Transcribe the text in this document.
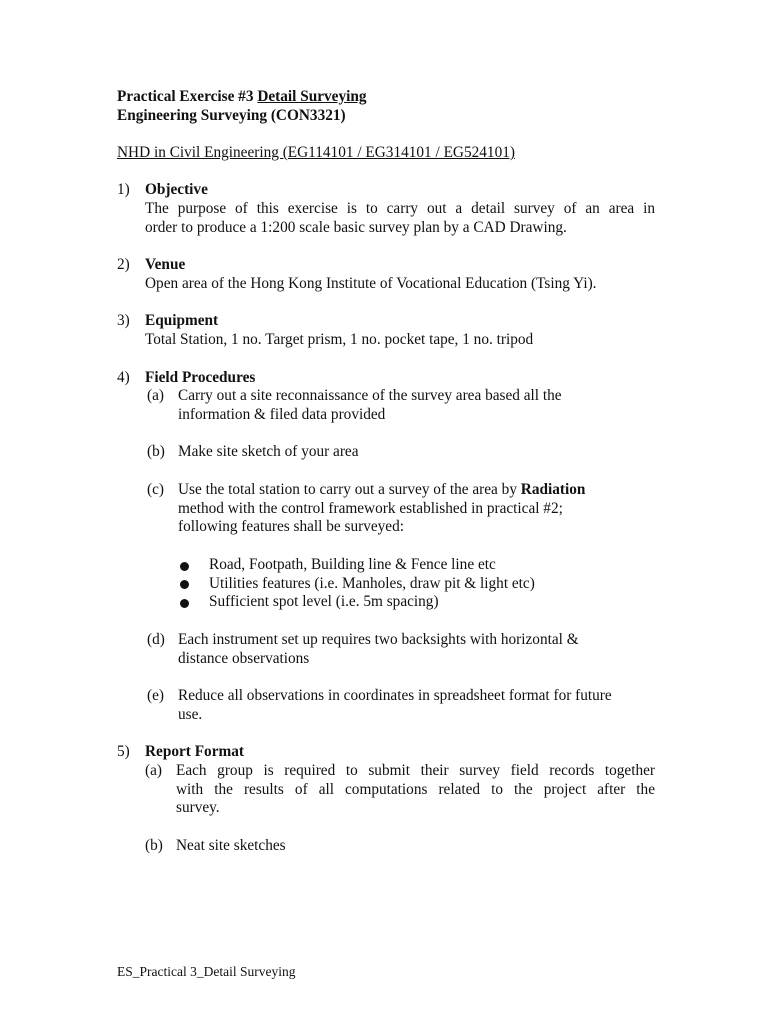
Practical Exercise #3 Detail Surveying
Engineering Surveying (CON3321)
NHD in Civil Engineering (EG114101 / EG314101 / EG524101)
1) Objective
The purpose of this exercise is to carry out a detail survey of an area in
order to produce a 1:200 scale basic survey plan by a CAD Drawing.
2) Venue
Open area of the Hong Kong Institute of Vocational Education (Tsing Yi).
3) Equipment
Total Station, 1 no. Target prism, 1 no. pocket tape, 1 no. tripod
4) Field Procedures
(a) Carry out a site reconnaissance of the survey area based all the
information & filed data provided
(b) Make site sketch of your area
(c) Use the total station to carry out a survey of the area by Radiation
method with the control framework established in practical #2;
following features shall be surveyed:
Road, Footpath, Building line & Fence line etc
Utilities features (i.e. Manholes, draw pit & light etc)
Sufficient spot level (i.e. 5m spacing)
(d) Each instrument set up requires two backsights with horizontal &
distance observations
(e) Reduce all observations in coordinates in spreadsheet format for future
use.
5) Report Format
(a) Each group is required to submit their survey field records together
with the results of all computations related to the project after the
survey.
(b) Neat site sketches
ES_Practical 3_Detail Surveying
